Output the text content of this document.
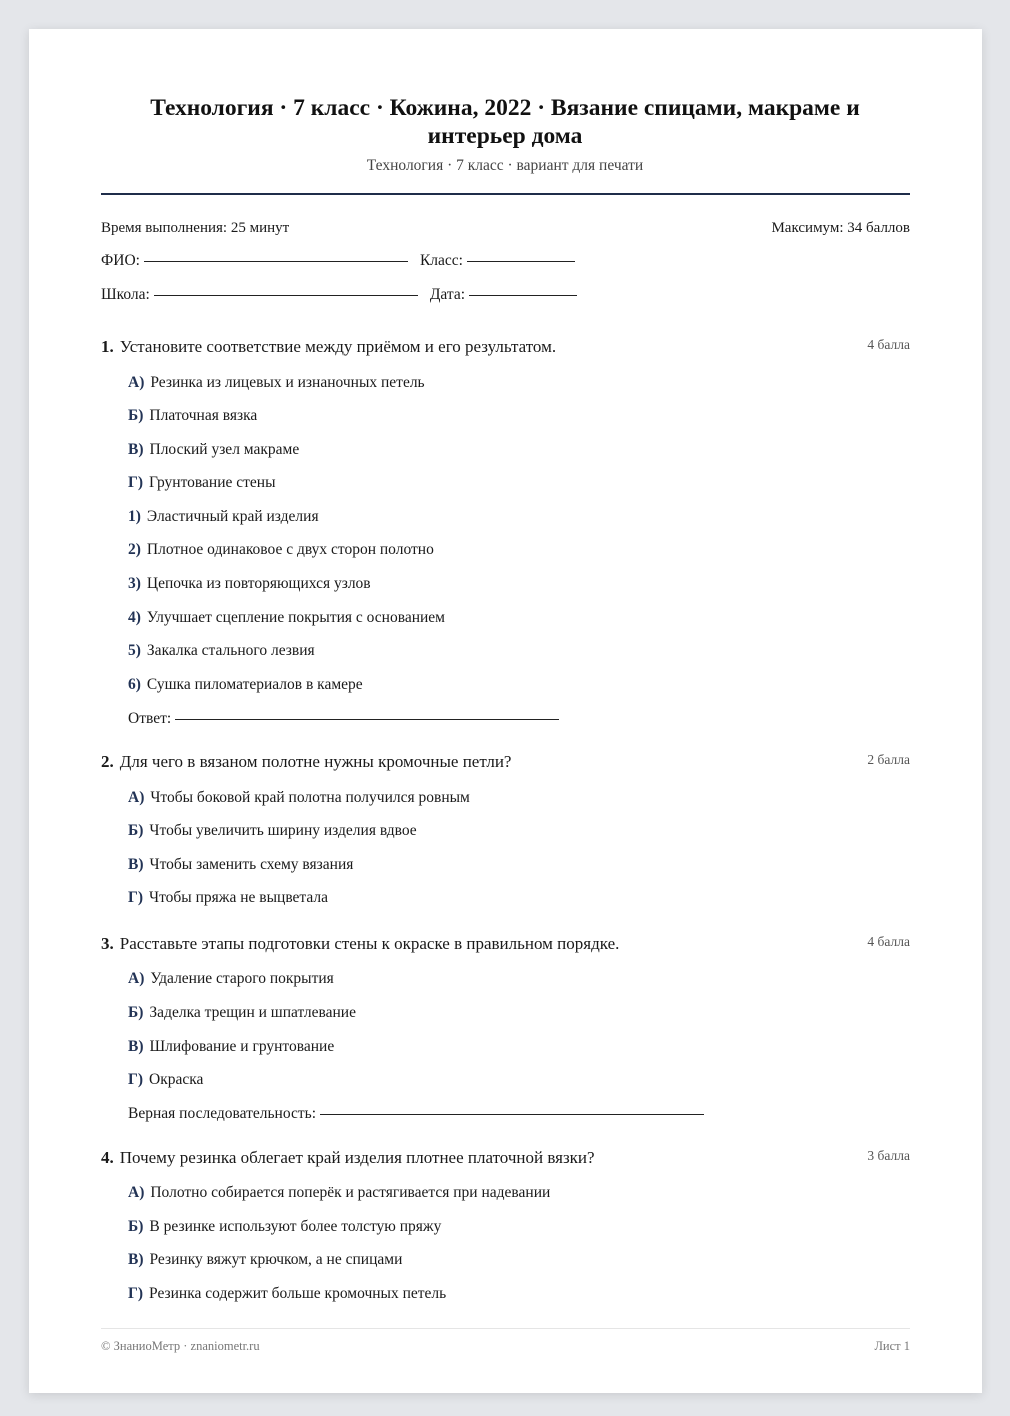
Технология · 7 класс · Кожина, 2022 · Вязание спицами, макраме и интерьер дома
Технология · 7 класс · вариант для печати
Время выполнения: 25 минут	Максимум: 34 баллов
ФИО:	Класс:
Школа:	Дата:
1. Установите соответствие между приёмом и его результатом.	4 балла
А) Резинка из лицевых и изнаночных петель
Б) Платочная вязка
В) Плоский узел макраме
Г) Грунтование стены
1) Эластичный край изделия
2) Плотное одинаковое с двух сторон полотно
3) Цепочка из повторяющихся узлов
4) Улучшает сцепление покрытия с основанием
5) Закалка стального лезвия
6) Сушка пиломатериалов в камере
Ответ:
2. Для чего в вязаном полотне нужны кромочные петли?	2 балла
А) Чтобы боковой край полотна получился ровным
Б) Чтобы увеличить ширину изделия вдвое
В) Чтобы заменить схему вязания
Г) Чтобы пряжа не выцветала
3. Расставьте этапы подготовки стены к окраске в правильном порядке.	4 балла
А) Удаление старого покрытия
Б) Заделка трещин и шпатлевание
В) Шлифование и грунтование
Г) Окраска
Верная последовательность:
4. Почему резинка облегает край изделия плотнее платочной вязки?	3 балла
А) Полотно собирается поперёк и растягивается при надевании
Б) В резинке используют более толстую пряжу
В) Резинку вяжут крючком, а не спицами
Г) Резинка содержит больше кромочных петель
© ЗнаниоМетр · znaniometr.ru	Лист 1
